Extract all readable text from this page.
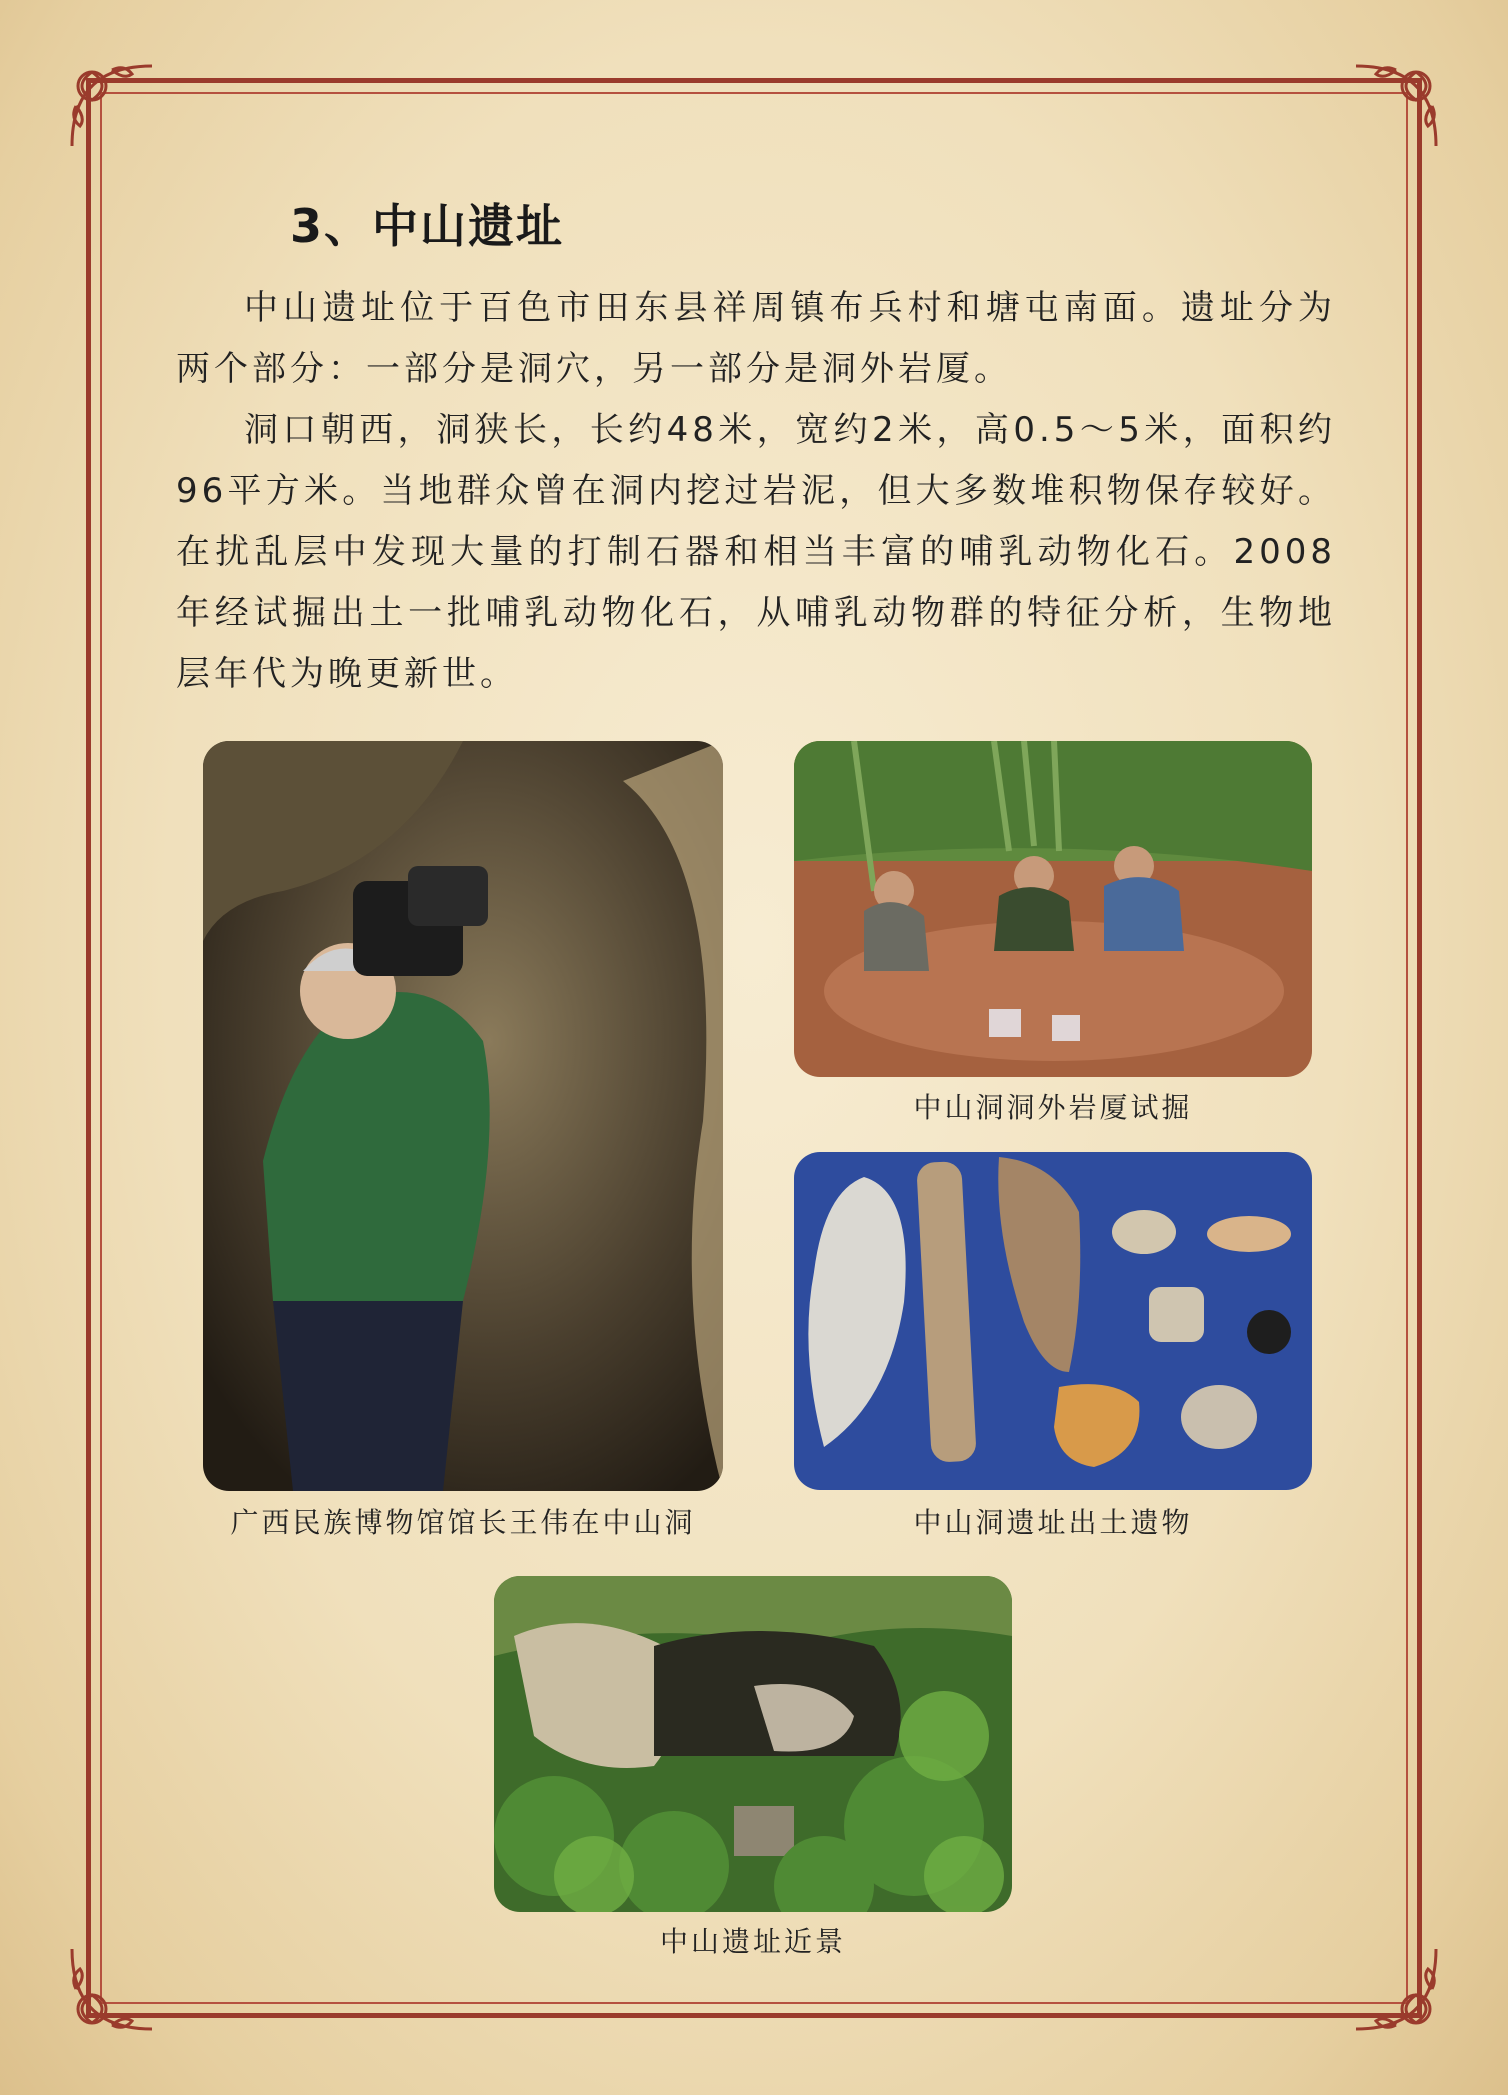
3、中山遗址

中山遗址位于百色市田东县祥周镇布兵村和塘屯南面。遗址分为两个部分：一部分是洞穴，另一部分是洞外岩厦。

洞口朝西，洞狭长，长约48米，宽约2米，高0.5～5米，面积约96平方米。当地群众曾在洞内挖过岩泥，但大多数堆积物保存较好。在扰乱层中发现大量的打制石器和相当丰富的哺乳动物化石。2008年经试掘出土一批哺乳动物化石，从哺乳动物群的特征分析，生物地层年代为晚更新世。

广西民族博物馆馆长王伟在中山洞
中山洞洞外岩厦试掘
中山洞遗址出土遗物
中山遗址近景
